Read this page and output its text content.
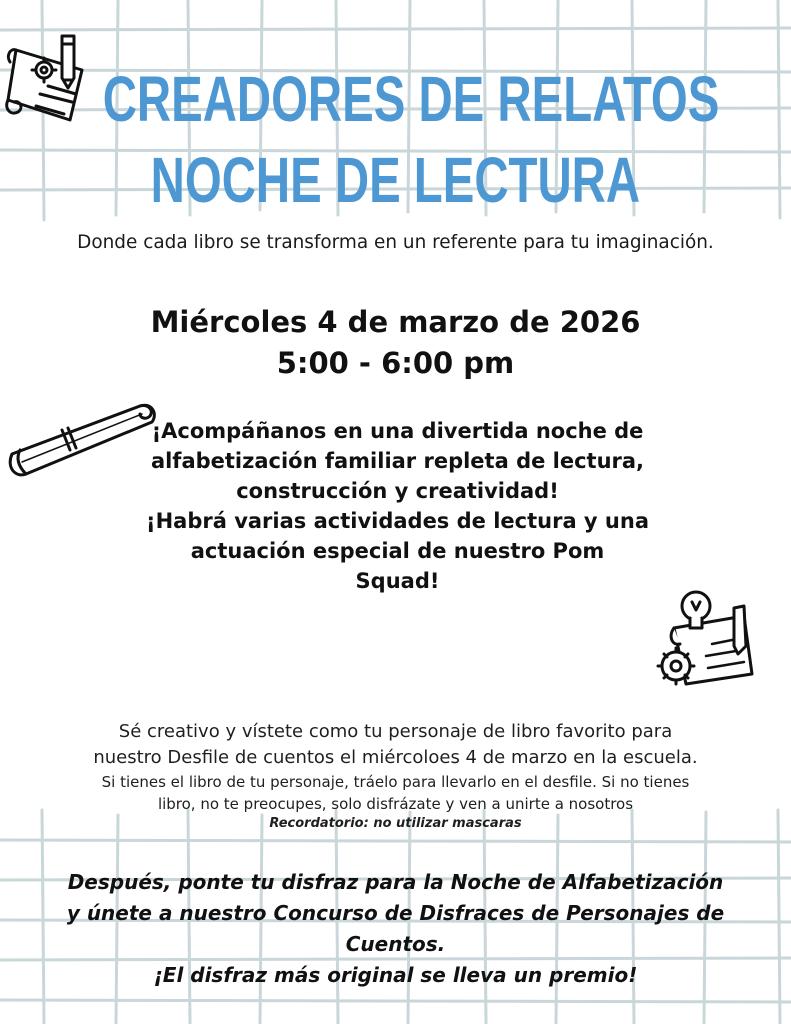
CREADORES DE RELATOS
NOCHE DE LECTURA
Donde cada libro se transforma en un referente para tu imaginación.
Miércoles 4 de marzo de 2026
5:00 - 6:00 pm
¡Acompáñanos en una divertida noche de
alfabetización familiar repleta de lectura,
construcción y creatividad!
¡Habrá varias actividades de lectura y una
actuación especial de nuestro Pom
Squad!
Sé creativo y vístete como tu personaje de libro favorito para
nuestro Desfile de cuentos el miércoloes 4 de marzo en la escuela.
Si tienes el libro de tu personaje, tráelo para llevarlo en el desfile. Si no tienes
libro, no te preocupes, solo disfrázate y ven a unirte a nosotros
Recordatorio: no utilizar mascaras
Después, ponte tu disfraz para la Noche de Alfabetización
y únete a nuestro Concurso de Disfraces de Personajes de
Cuentos.
¡El disfraz más original se lleva un premio!
